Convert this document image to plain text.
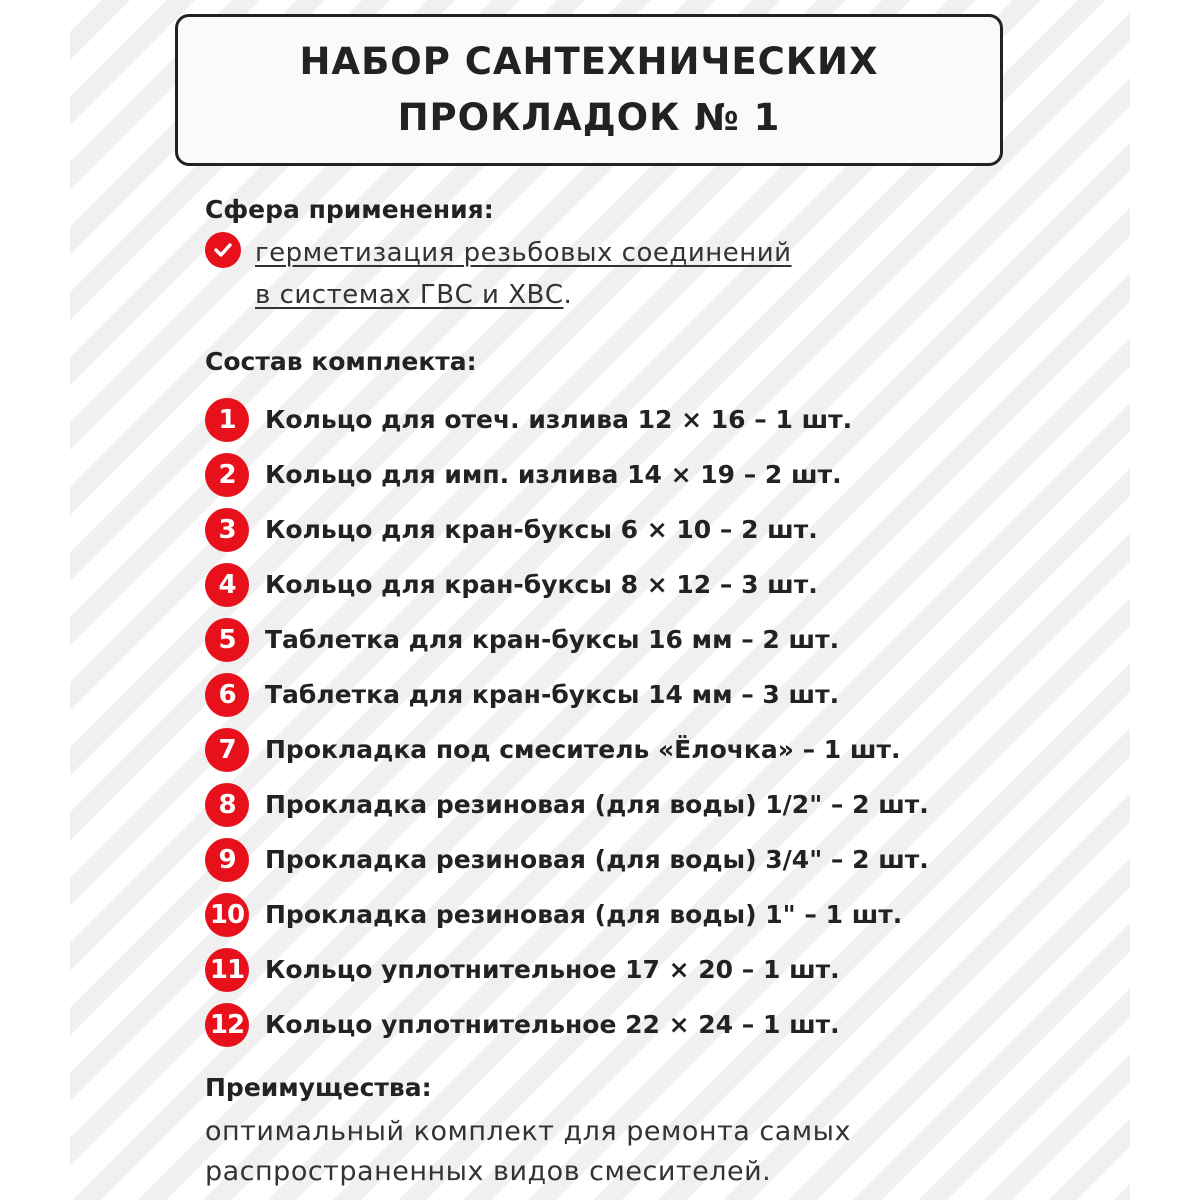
НАБОР САНТЕХНИЧЕСКИХ
ПРОКЛАДОК № 1
Сфера применения:
герметизация резьбовых соединений
в системах ГВС и ХВС.
Состав комплекта:
1	Кольцо для отеч. излива 12 × 16 – 1 шт.
2	Кольцо для имп. излива 14 × 19 – 2 шт.
3	Кольцо для кран-буксы 6 × 10 – 2 шт.
4	Кольцо для кран-буксы 8 × 12 – 3 шт.
5	Таблетка для кран-буксы 16 мм – 2 шт.
6	Таблетка для кран-буксы 14 мм – 3 шт.
7	Прокладка под смеситель «Ёлочка» – 1 шт.
8	Прокладка резиновая (для воды) 1/2" – 2 шт.
9	Прокладка резиновая (для воды) 3/4" – 2 шт.
10 Прокладка резиновая (для воды) 1" – 1 шт.
11 Кольцо уплотнительное 17 × 20 – 1 шт.
12 Кольцо уплотнительное 22 × 24 – 1 шт.
Преимущества:
оптимальный комплект для ремонта самых
распространенных видов смесителей.
